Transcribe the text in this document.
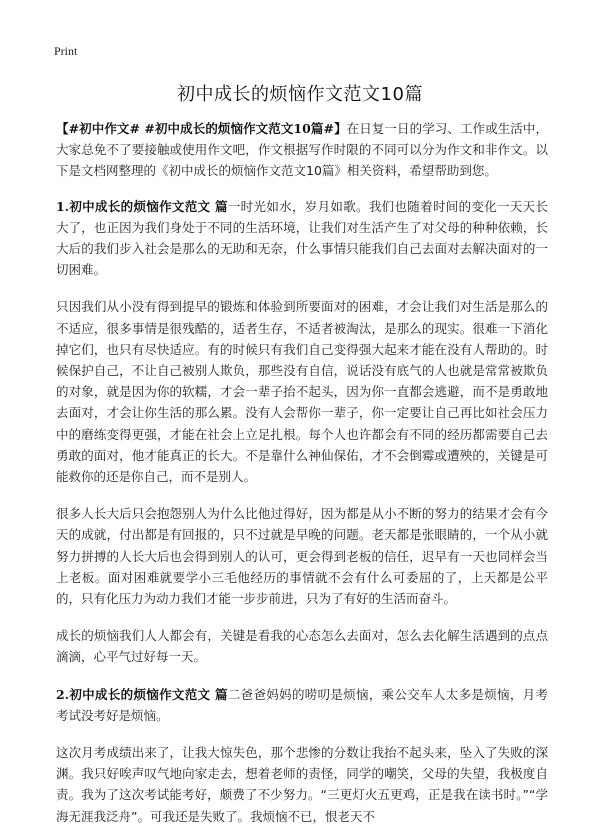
Print
初中成长的烦恼作文范文10篇

【#初中作文# #初中成长的烦恼作文范文10篇#】在日复一日的学习、工作或生活中，大家总免不了要接触或使用作文吧，作文根据写作时限的不同可以分为作文和非作文。以下是文档网整理的《初中成长的烦恼作文范文10篇》相关资料，希望帮助到您。

1.初中成长的烦恼作文范文 篇一时光如水，岁月如歌。我们也随着时间的变化一天天长大了，也正因为我们身处于不同的生活环境，让我们对生活产生了对父母的种种依赖，长大后的我们步入社会是那么的无助和无奈，什么事情只能我们自己去面对去解决面对的一切困难。

只因我们从小没有得到提早的锻炼和体验到所要面对的困难，才会让我们对生活是那么的不适应，很多事情是很残酷的，适者生存，不适者被淘汰，是那么的现实。很难一下消化掉它们，也只有尽快适应。有的时候只有我们自己变得强大起来才能在没有人帮助的。时候保护自己，不让自己被别人欺负，那些没有自信，说话没有底气的人也就是常常被欺负的对象，就是因为你的软糯，才会一辈子抬不起头，因为你一直都会逃避，而不是勇敢地去面对，才会让你生活的那么累。没有人会帮你一辈子，你一定要让自己再比如社会压力中的磨练变得更强，才能在社会上立足扎根。每个人也许都会有不同的经历都需要自己去勇敢的面对，他才能真正的长大。不是靠什么神仙保佑，才不会倒霉或遭殃的，关键是可能救你的还是你自己，而不是别人。

很多人长大后只会抱怨别人为什么比他过得好，因为都是从小不断的努力的结果才会有今天的成就，付出都是有回报的，只不过就是早晚的问题。老天都是张眼睛的，一个从小就努力拼搏的人长大后也会得到别人的认可，更会得到老板的信任，迟早有一天也同样会当上老板。面对困难就要学小三毛他经历的事情就不会有什么可委屈的了，上天都是公平的，只有化压力为动力我们才能一步步前进，只为了有好的生活而奋斗。

成长的烦恼我们人人都会有，关键是看我的心态怎么去面对，怎么去化解生活遇到的点点滴滴，心平气过好每一天。

2.初中成长的烦恼作文范文 篇二爸爸妈妈的唠叨是烦恼，乘公交车人太多是烦恼，月考考试没考好是烦恼。

这次月考成绩出来了，让我大惊失色，那个悲惨的分数让我抬不起头来，坠入了失败的深渊。我只好唉声叹气地向家走去，想着老师的责怪，同学的嘲笑，父母的失望，我极度自责。我为了这次考试能考好，颇费了不少努力。“三更灯火五更鸡，正是我在读书时。”“学海无涯我泛舟”。可我还是失败了。我烦恼不已，恨老天不
